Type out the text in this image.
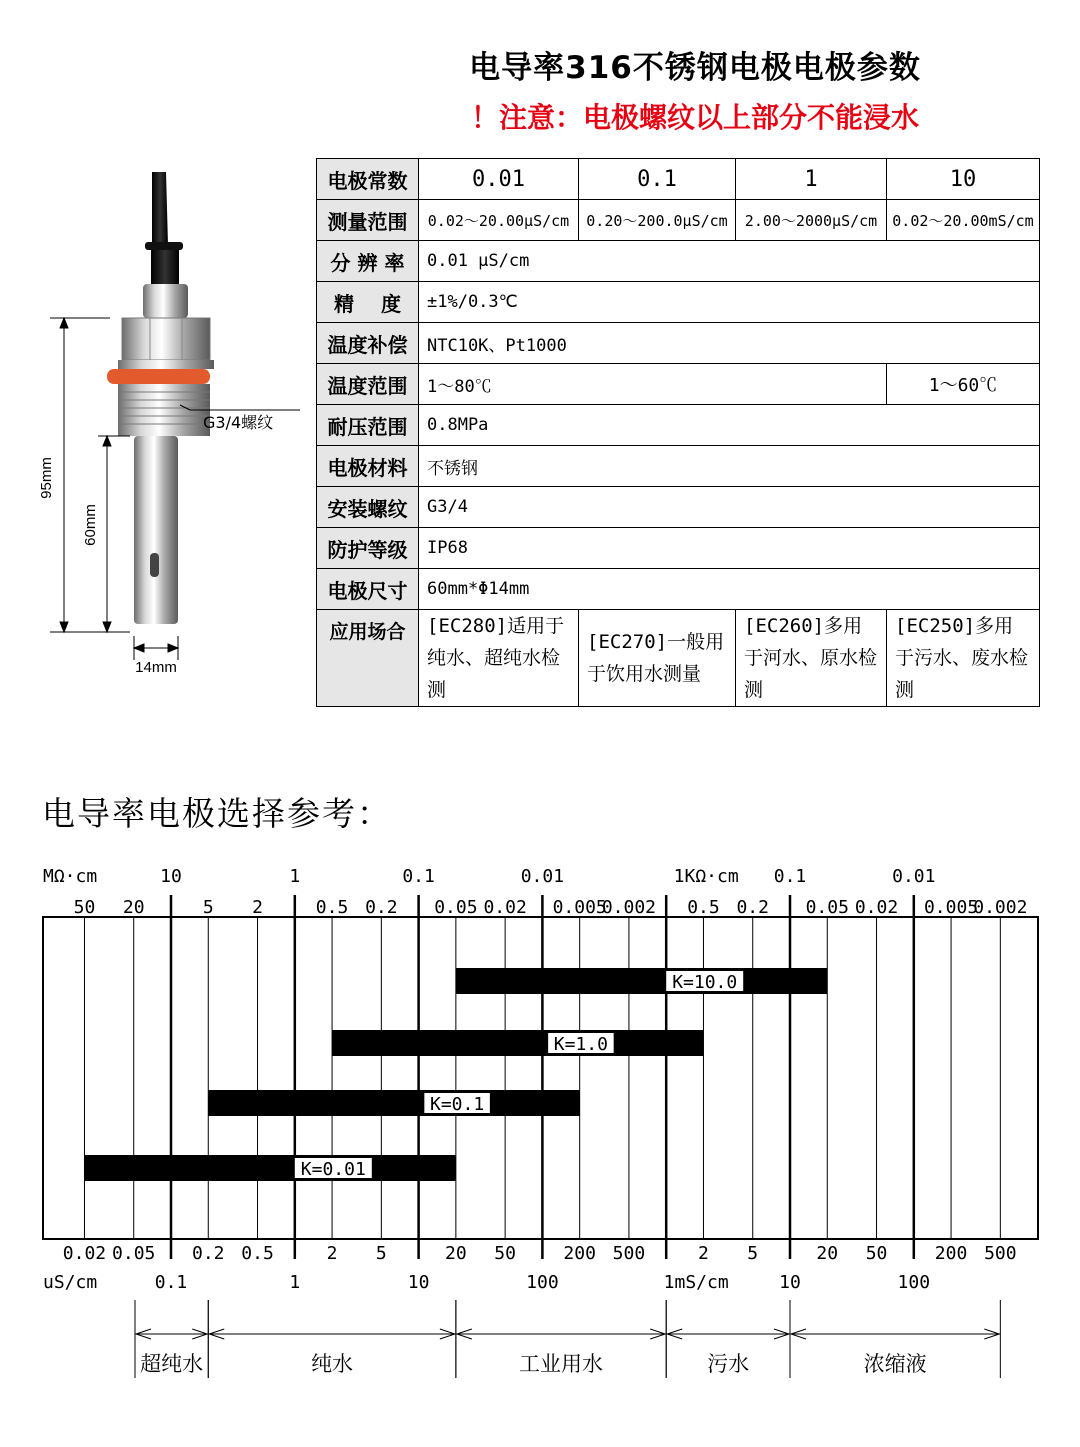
电导率316不锈钢电极电极参数
！注意：电极螺纹以上部分不能浸水
95mm
60mm
14mm
G3/4螺纹
电极常数	0.01	0.1	1	10
测量范围	0.02～20.00μS/cm	0.20～200.0μS/cm	2.00～2000μS/cm	0.02～20.00mS/cm
分 辨 率	0.01 μS/cm			
精　 度	±1%/0.3℃			
温度补偿	NTC10K、Pt1000			
温度范围	1～80℃			1～60℃
耐压范围	0.8MPa			
电极材料	不锈钢			
安装螺纹	G3/4			
防护等级	IP68			
电极尺寸	60mm*Φ14mm			
应用场合	[EC280]适用于纯水、超纯水检测	[EC270]一般用于饮用水测量	[EC260]多用于河水、原水检测	[EC250]多用于污水、废水检测
电导率电极选择参考：
K=10.0
K=1.0
K=0.1
K=0.01
MΩ·cm	1KΩ·cm
10	1	0.1	0.01	0.1	0.01
50 20	5 2	0.5 0.2 0.05 0.02 0.005
0.002 0.5 0.2 0.05 0.02 0.005
0.002
uS/cm	1mS/cm
0.02 0.05 0.2 0.5	2 5	20 50	200 500	2 5	20 50	200 500
0.1	1	10	100	10	100
超纯水	纯水	工业用水	污水	浓缩液
